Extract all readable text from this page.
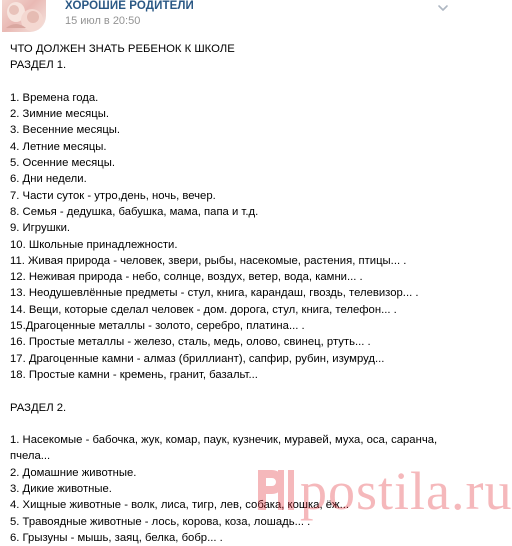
ХОРОШИЕ РОДИТЕЛИ
15 июл в 20:50
ЧТО ДОЛЖЕН ЗНАТЬ РЕБЕНОК К ШКОЛЕ
РАЗДЕЛ 1.
1. Времена года.
2. Зимние месяцы.
3. Весенние месяцы.
4. Летние месяцы.
5. Осенние месяцы.
6. Дни недели.
7. Части суток - утро,день, ночь, вечер.
8. Семья - дедушка, бабушка, мама, папа и т.д.
9. Игрушки.
10. Школьные принадлежности.
11. Живая природа - человек, звери, рыбы, насекомые, растения, птицы... .
12. Неживая природа - небо, солнце, воздух, ветер, вода, камни... .
13. Неодушевлённые предметы - стул, книга, карандаш, гвоздь, телевизор... .
14. Вещи, которые сделал человек - дом. дорога, стул, книга, телефон... .
15.Драгоценные металлы - золото, серебро, платина... .
16. Простые металлы - железо, сталь, медь, олово, свинец, ртуть... .
17. Драгоценные камни - алмаз (бриллиант), сапфир, рубин, изумруд...
18. Простые камни - кремень, гранит, базальт...
РАЗДЕЛ 2.
1. Насекомые - бабочка, жук, комар, паук, кузнечик, муравей, муха, оса, саранча,
пчела...
2. Домашние животные.
3. Дикие животные.
4. Хищные животные - волк, лиса, тигр, лев, собака, кошка, ёж...
5. Травоядные животные - лось, корова, коза, лошадь... .
6. Грызуны - мышь, заяц, белка, бобр... .
postila.ru
